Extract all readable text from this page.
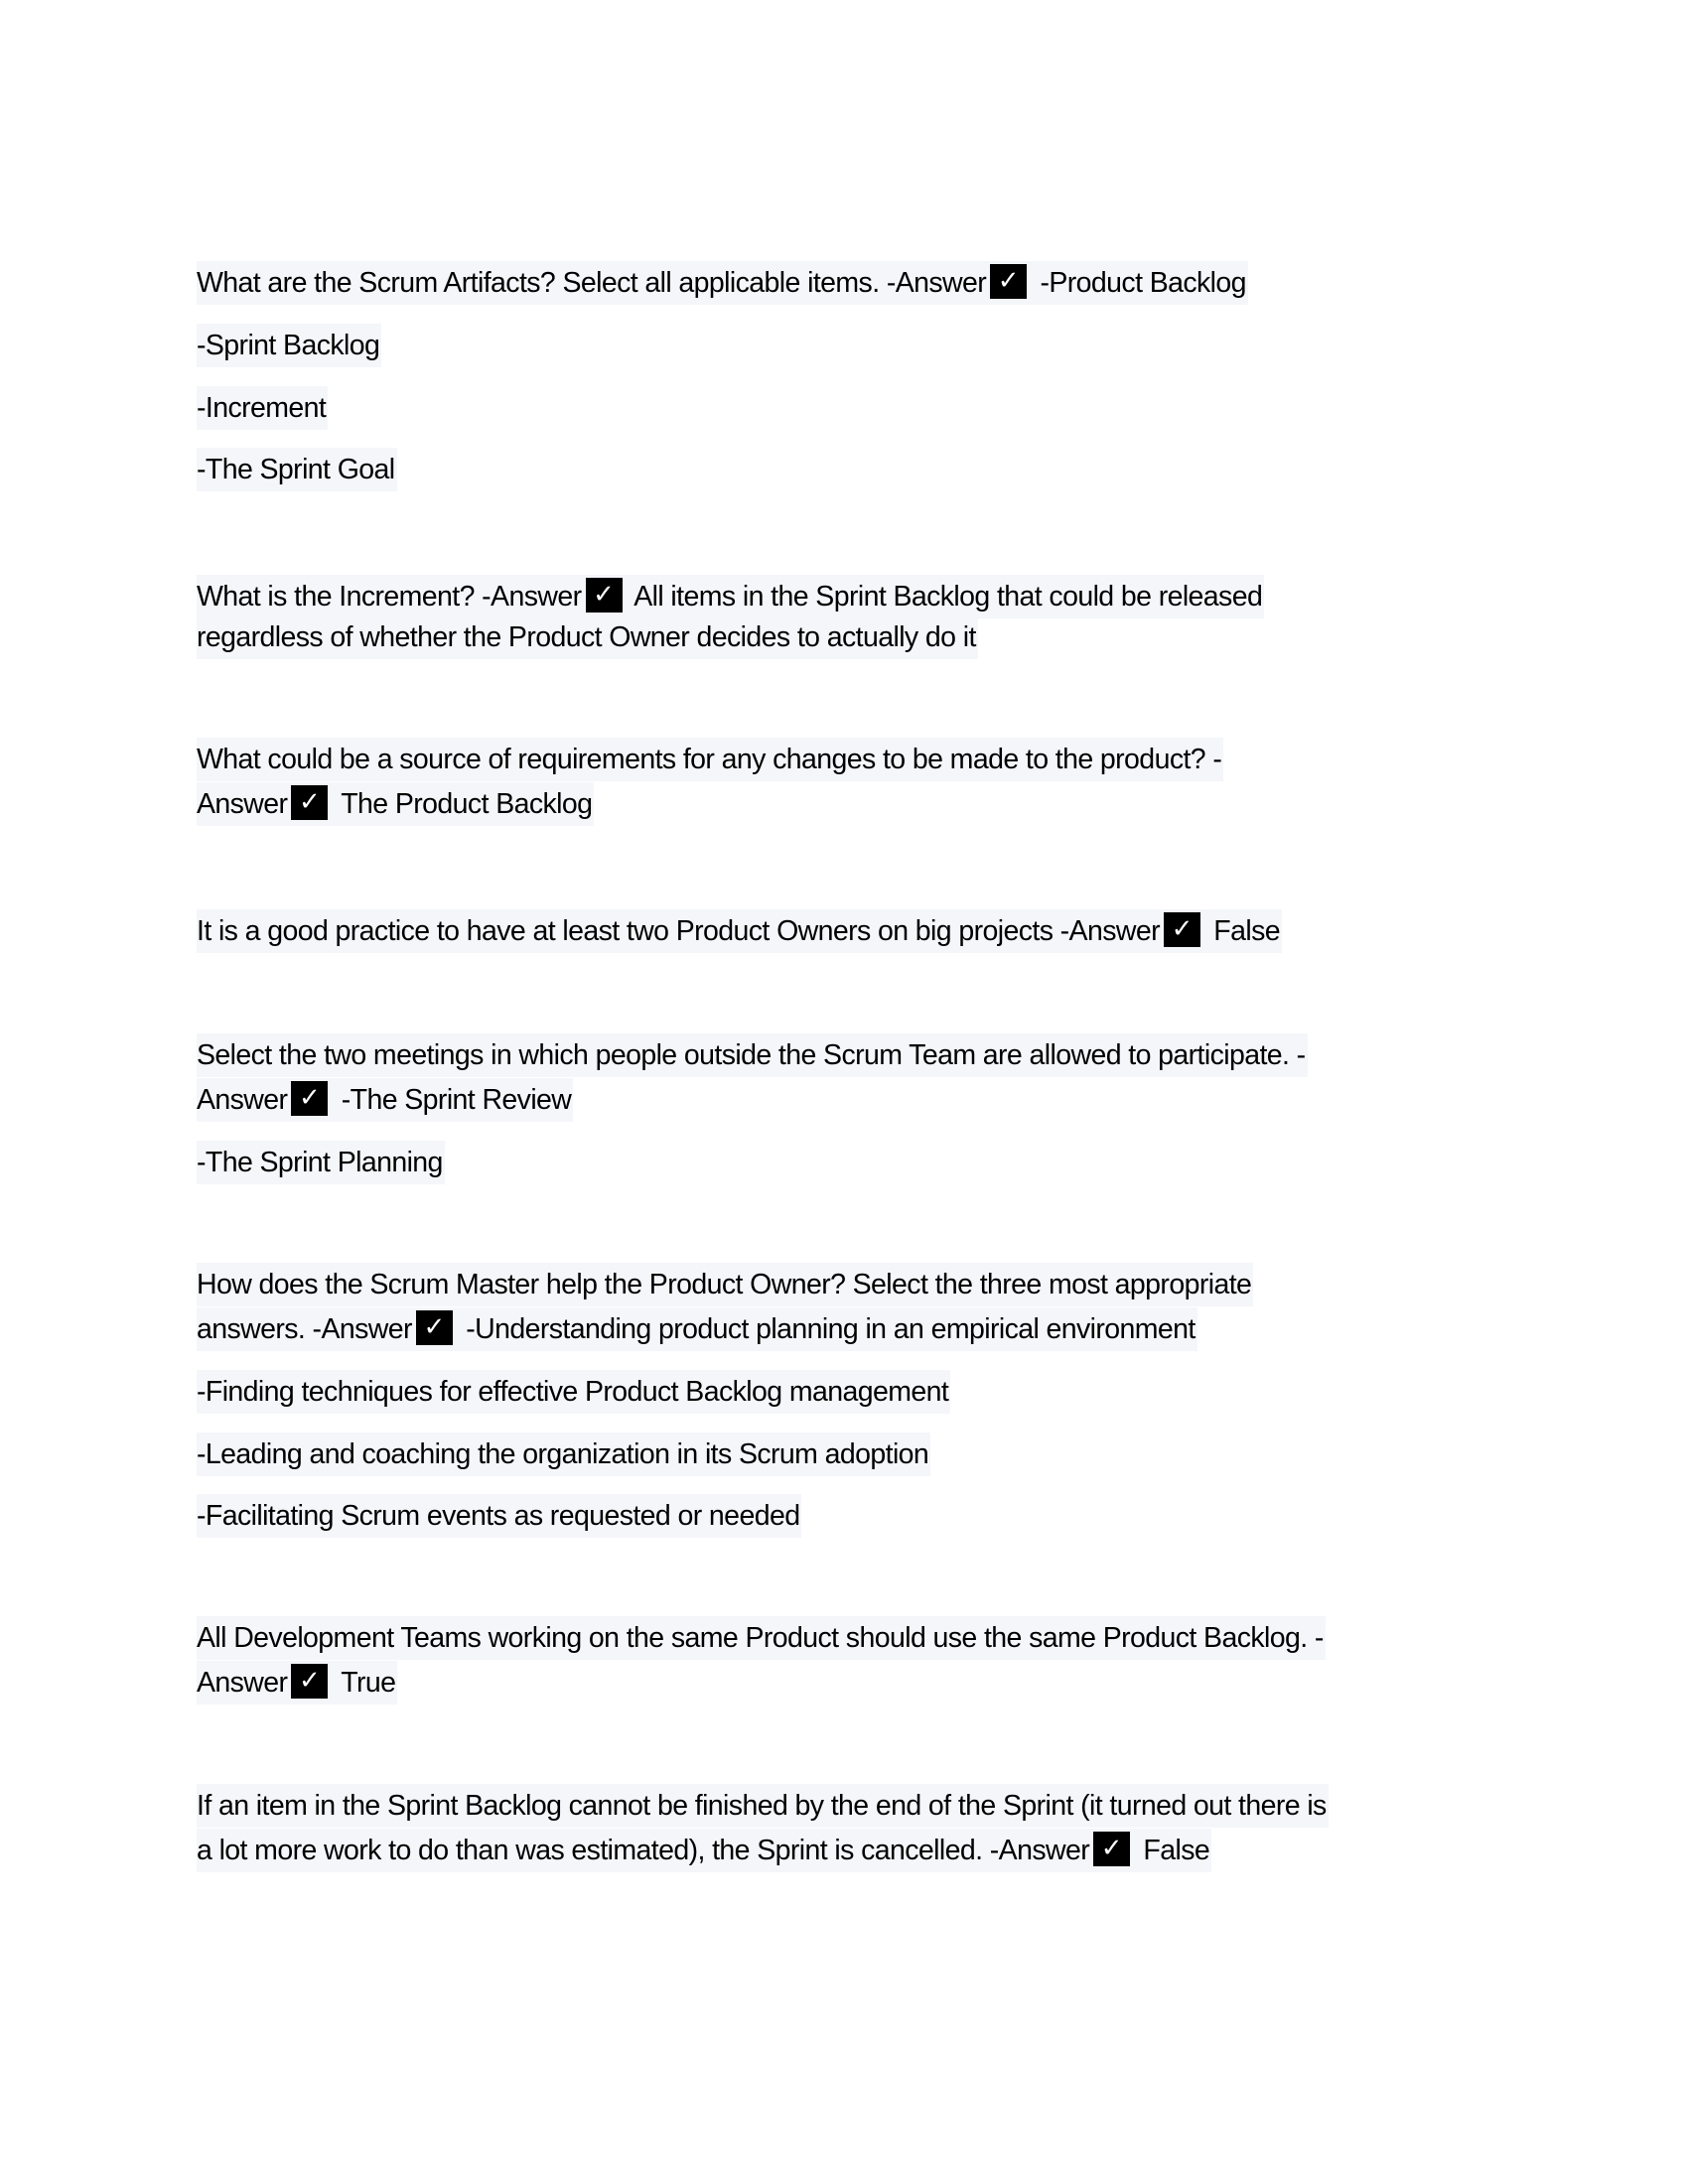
What are the Scrum Artifacts? Select all applicable items. -Answer ✓ -Product Backlog
-Sprint Backlog
-Increment
-The Sprint Goal
What is the Increment? -Answer ✓ All items in the Sprint Backlog that could be released
regardless of whether the Product Owner decides to actually do it
What could be a source of requirements for any changes to be made to the product? -
Answer ✓ The Product Backlog
It is a good practice to have at least two Product Owners on big projects -Answer ✓ False
Select the two meetings in which people outside the Scrum Team are allowed to participate. -
Answer ✓ -The Sprint Review
-The Sprint Planning
How does the Scrum Master help the Product Owner? Select the three most appropriate
answers. -Answer ✓ -Understanding product planning in an empirical environment
-Finding techniques for effective Product Backlog management
-Leading and coaching the organization in its Scrum adoption
-Facilitating Scrum events as requested or needed
All Development Teams working on the same Product should use the same Product Backlog. -
Answer ✓ True
If an item in the Sprint Backlog cannot be finished by the end of the Sprint (it turned out there is
a lot more work to do than was estimated), the Sprint is cancelled. -Answer ✓ False
